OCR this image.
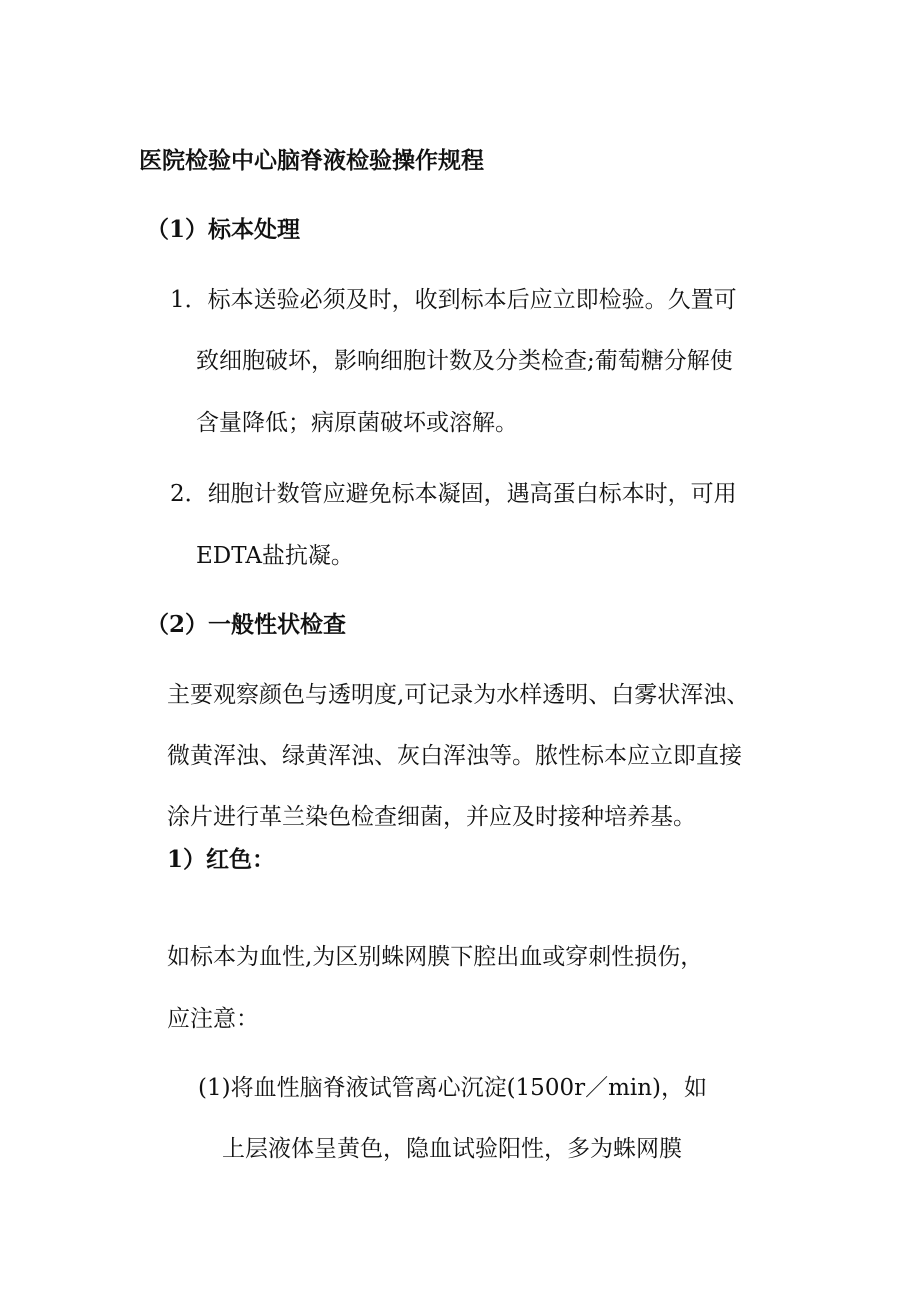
医院检验中心脑脊液检验操作规程
（1）标本处理
1．标本送验必须及时，收到标本后应立即检验。久置可
致细胞破坏，影响细胞计数及分类检查;葡萄糖分解使
含量降低；病原菌破坏或溶解。
2．细胞计数管应避免标本凝固，遇高蛋白标本时，可用
EDTA盐抗凝。
（2）一般性状检查
主要观察颜色与透明度,可记录为水样透明、白雾状浑浊、
微黄浑浊、绿黄浑浊、灰白浑浊等。脓性标本应立即直接
涂片进行革兰染色检查细菌，并应及时接种培养基。
1）红色：
如标本为血性,为区别蛛网膜下腔出血或穿刺性损伤，
应注意：
(1)将血性脑脊液试管离心沉淀(1500r／min)，如
上层液体呈黄色，隐血试验阳性，多为蛛网膜
